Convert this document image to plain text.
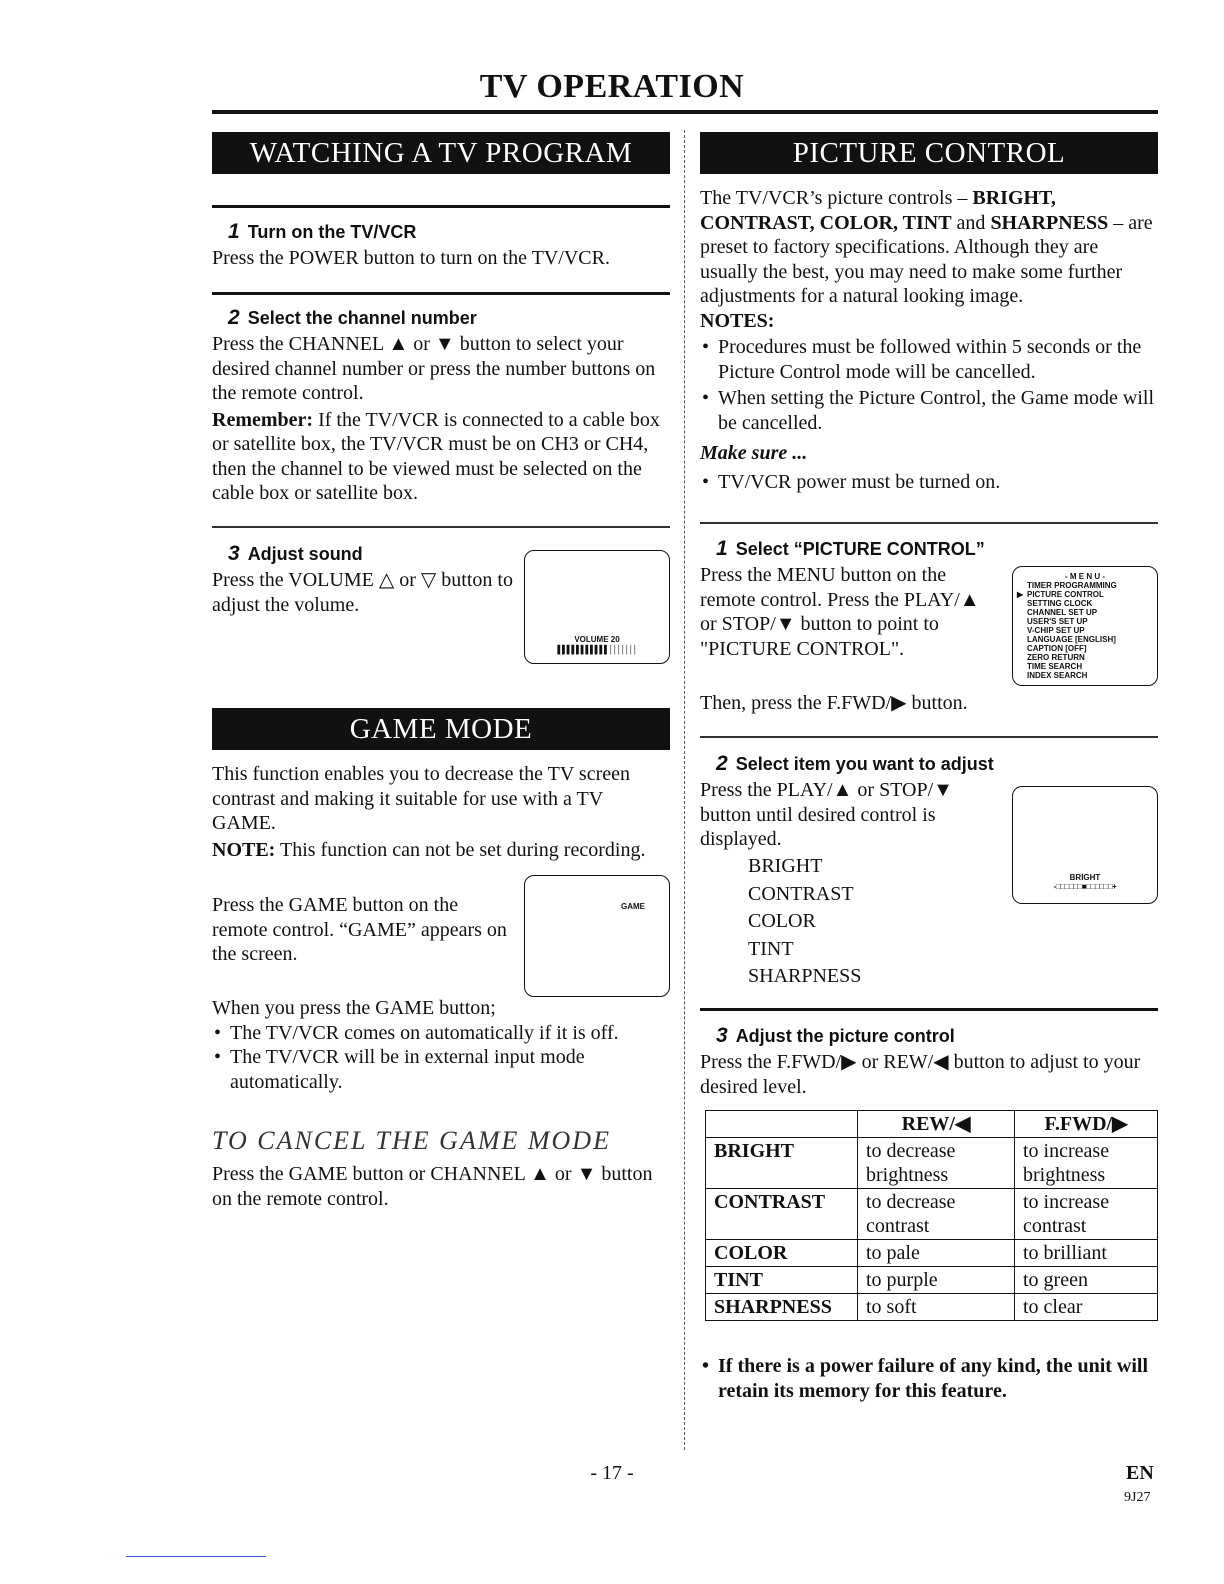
TV OPERATION
WATCHING A TV PROGRAM
1 Turn on the TV/VCR
Press the POWER button to turn on the TV/VCR.
2 Select the channel number

Press the CHANNEL ▲ or ▼ button to select your desired channel number or press the number buttons on the remote control.

Remember: If the TV/VCR is connected to a cable box or satellite box, the TV/VCR must be on CH3 or CH4, then the channel to be viewed must be selected on the cable box or satellite box.

3 Adjust sound
Press the VOLUME △ or ▽ button to adjust the volume.
VOLUME 20
▌▌▌▌▌▌▌▌▌▌▌│││││││
GAME MODE

This function enables you to decrease the TV screen contrast and making it suitable for use with a TV GAME.

NOTE: This function can not be set during recording.

Press the GAME button on the remote control. “GAME” appears on the screen.
GAME

When you press the GAME button;

• The TV/VCR comes on automatically if it is off.
• The TV/VCR will be in external input mode automatically.
TO CANCEL THE GAME MODE
Press the GAME button or CHANNEL ▲ or ▼ button on the remote control.
PICTURE CONTROL

The TV/VCR’s picture controls – BRIGHT, CONTRAST, COLOR, TINT and SHARPNESS – are preset to factory specifications. Although they are usually the best, you may need to make some further adjustments for a natural looking image.

NOTES:

• Procedures must be followed within 5 seconds or the Picture Control mode will be cancelled.
• When setting the Picture Control, the Game mode will be cancelled.

Make sure ...

• TV/VCR power must be turned on.
1 Select “PICTURE CONTROL”
Press the MENU button on the remote control. Press the PLAY/▲ or STOP/▼ button to point to "PICTURE CONTROL".
Then, press the F.FWD/▶ button.
- M E N U -
▶
TIMER PROGRAMMING
PICTURE CONTROL
SETTING CLOCK
CHANNEL SET UP
USER'S SET UP
V-CHIP SET UP
LANGUAGE [ENGLISH]
CAPTION [OFF]
ZERO RETURN
TIME SEARCH
INDEX SEARCH
2 Select item you want to adjust
Press the PLAY/▲ or STOP/▼ button until desired control is displayed.
BRIGHT
CONTRAST
COLOR
TINT
SHARPNESS
BRIGHT
-□□□□□□■□□□□□□+
3 Adjust the picture control
Press the F.FWD/▶ or REW/◀ button to adjust to your desired level.
	REW/◀	F.FWD/▶
BRIGHT	to decrease brightness	to increase brightness
CONTRAST	to decrease contrast	to increase contrast
COLOR	to pale	to brilliant
TINT	to purple	to green
SHARPNESS	to soft	to clear
• If there is a power failure of any kind, the unit will retain its memory for this feature.
- 17 -	EN
9J27
